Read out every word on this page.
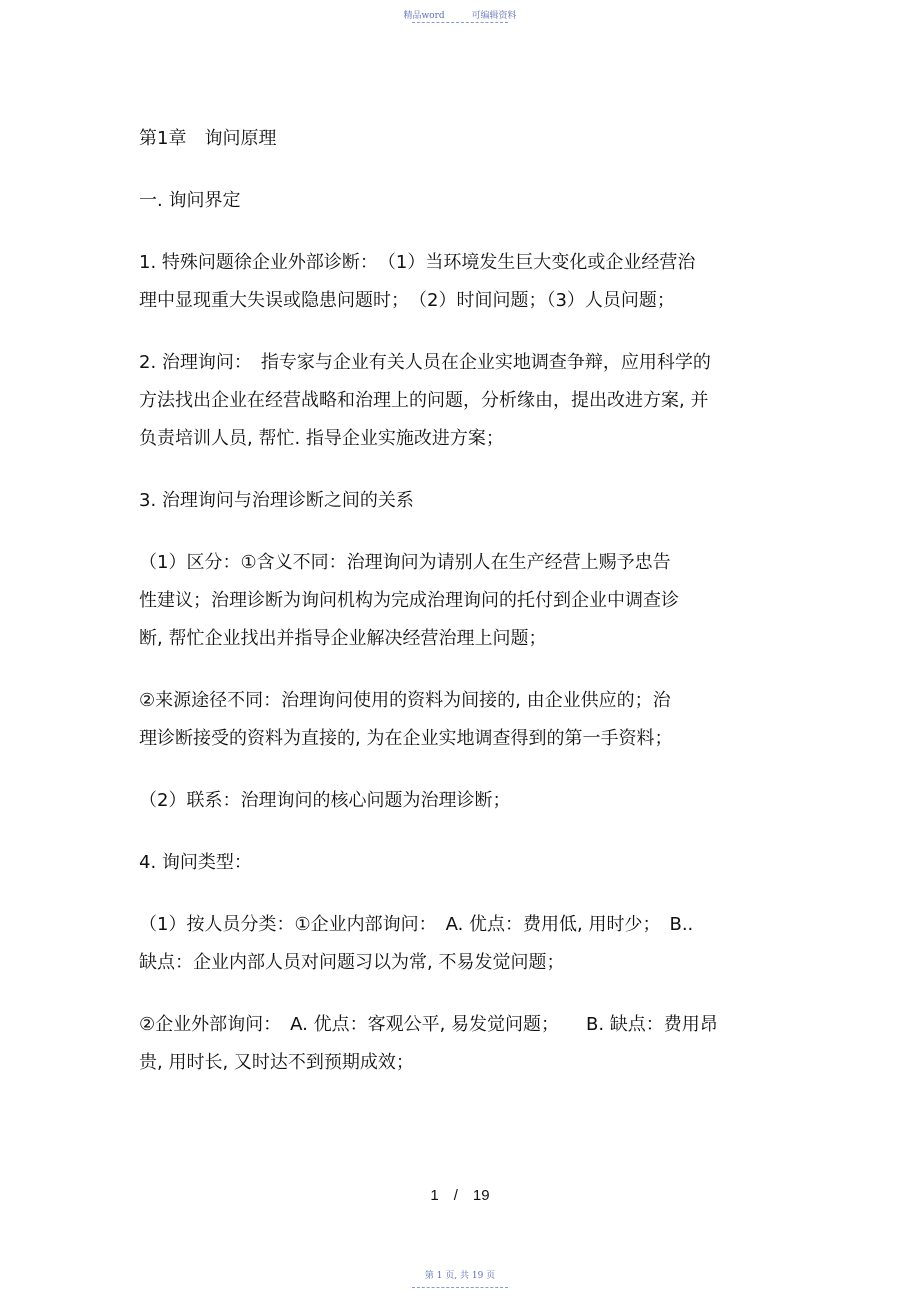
精品word	可编辑资料

第1章　询问原理

一. 询问界定

1. 特殊问题徐企业外部诊断：　（1）当环境发生巨大变化或企业经营治

理中显现重大失误或隐患问题时；　（2）时间问题；（3）人员问题；

2. 治理询问：　指专家与企业有关人员在企业实地调查争辩，应用科学的

方法找出企业在经营战略和治理上的问题，分析缘由，提出改进方案, 并

负责培训人员, 帮忙. 指导企业实施改进方案；

3. 治理询问与治理诊断之间的关系

（1）区分：①含义不同：治理询问为请别人在生产经营上赐予忠告

性建议；治理诊断为询问机构为完成治理询问的托付到企业中调查诊

断, 帮忙企业找出并指导企业解决经营治理上问题；

②来源途径不同：治理询问使用的资料为间接的, 由企业供应的；治

理诊断接受的资料为直接的, 为在企业实地调查得到的第一手资料；

（2）联系：治理询问的核心问题为治理诊断；

4. 询问类型：

（1）按人员分类：①企业内部询问：　A. 优点：费用低, 用时少；　B..

缺点：企业内部人员对问题习以为常, 不易发觉问题；

②企业外部询问：　A. 优点：客观公平, 易发觉问题；　　B. 缺点：费用昂

贵, 用时长, 又时达不到预期成效；

1　/　19
第 1 页, 共 19 页
